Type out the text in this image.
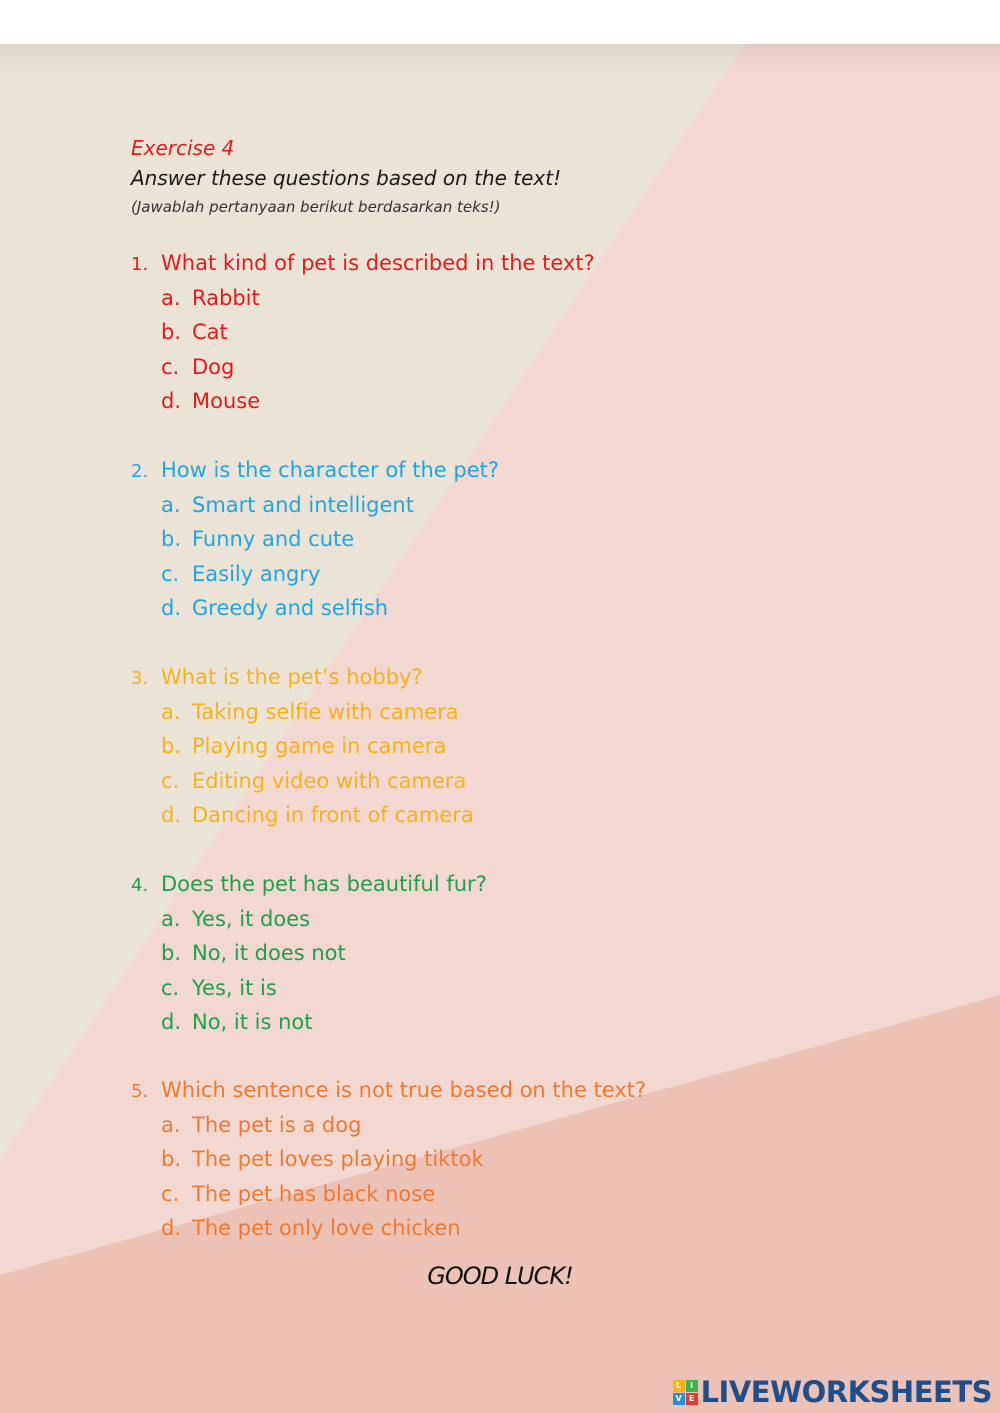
Exercise 4
Answer these questions based on the text!
(Jawablah pertanyaan berikut berdasarkan teks!)
1. What kind of pet is described in the text?
a. Rabbit
b. Cat
c. Dog
d. Mouse
2. How is the character of the pet?
a. Smart and intelligent
b. Funny and cute
c. Easily angry
d. Greedy and selfish
3. What is the pet’s hobby?
a. Taking selfie with camera
b. Playing game in camera
c. Editing video with camera
d. Dancing in front of camera
4. Does the pet has beautiful fur?
a. Yes, it does
b. No, it does not
c. Yes, it is
d. No, it is not
5. Which sentence is not true based on the text?
a. The pet is a dog
b. The pet loves playing tiktok
c. The pet has black nose
d. The pet only love chicken
GOOD LUCK!
L	I
V E LIVEWORKSHEETS
